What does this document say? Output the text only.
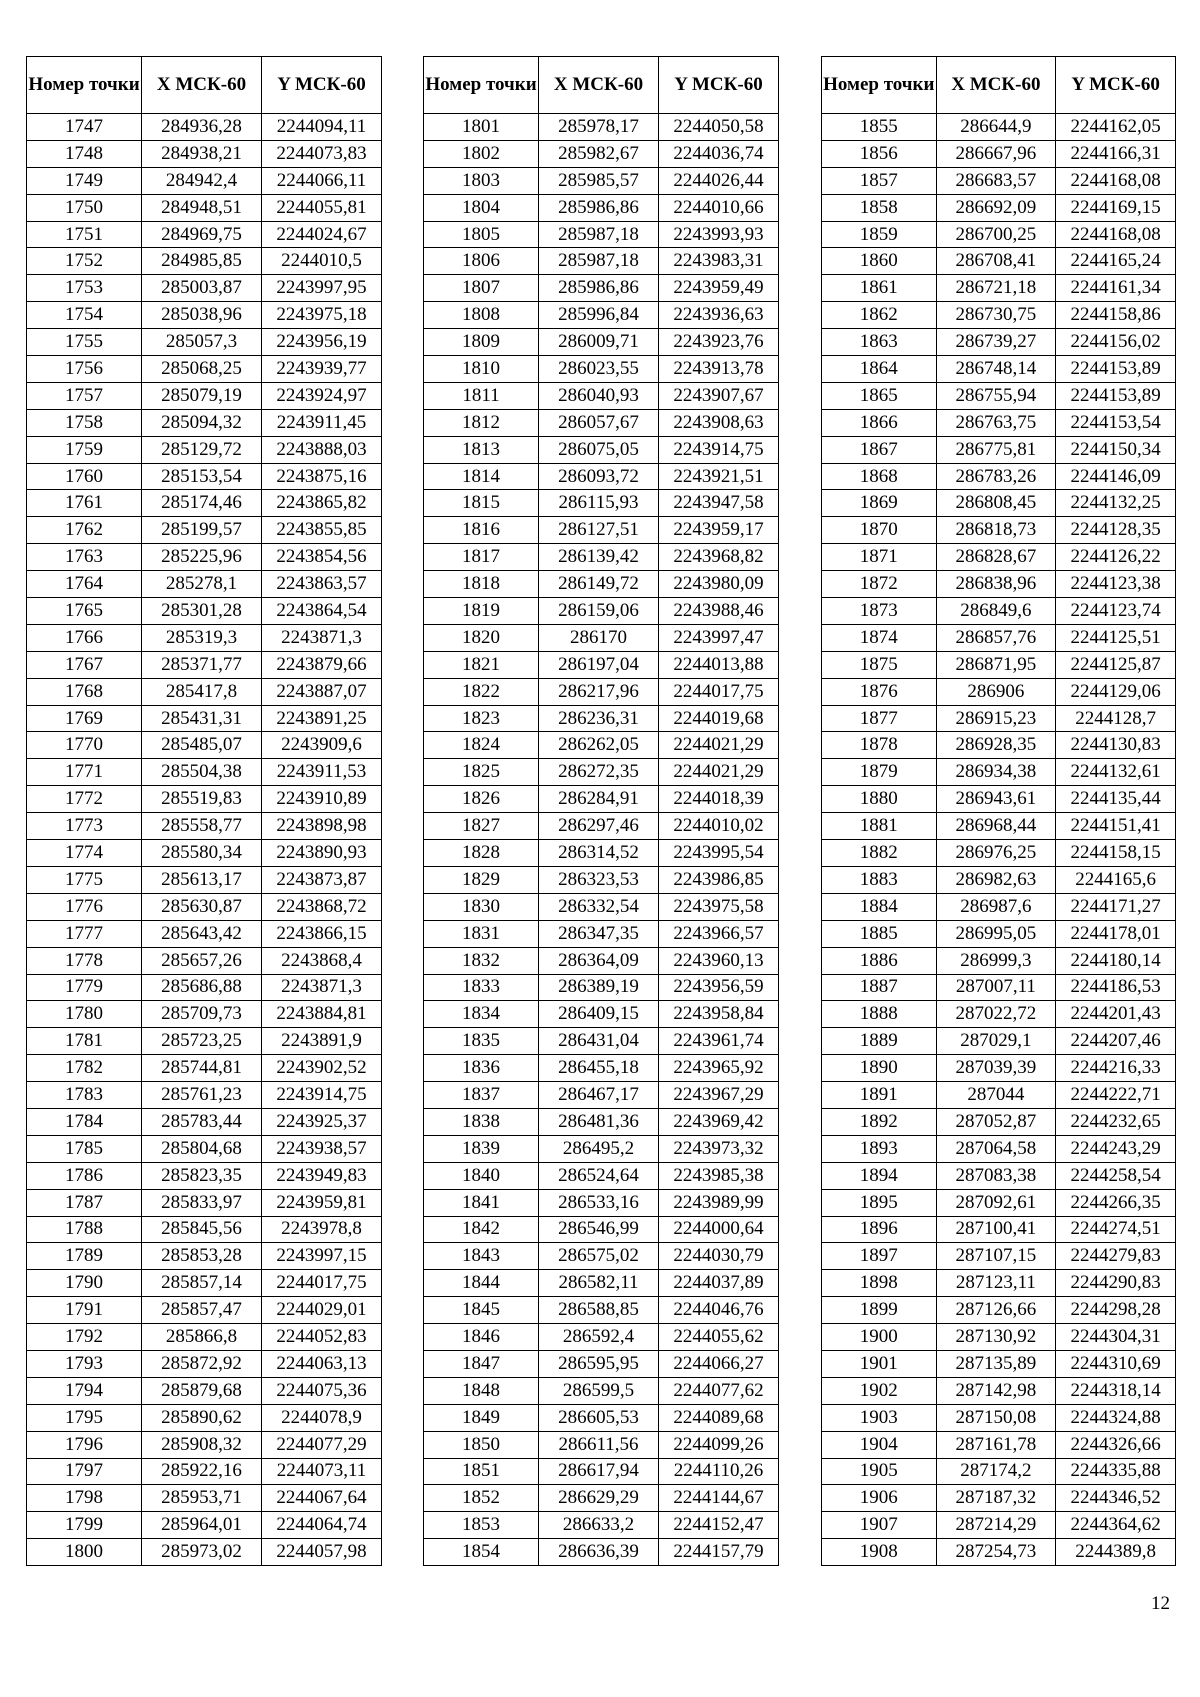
Номер точки	X МСК-60	Y МСК-60
1747	284936,28	2244094,11
1748	284938,21	2244073,83
1749	284942,4	2244066,11
1750	284948,51	2244055,81
1751	284969,75	2244024,67
1752	284985,85	2244010,5
1753	285003,87	2243997,95
1754	285038,96	2243975,18
1755	285057,3	2243956,19
1756	285068,25	2243939,77
1757	285079,19	2243924,97
1758	285094,32	2243911,45
1759	285129,72	2243888,03
1760	285153,54	2243875,16
1761	285174,46	2243865,82
1762	285199,57	2243855,85
1763	285225,96	2243854,56
1764	285278,1	2243863,57
1765	285301,28	2243864,54
1766	285319,3	2243871,3
1767	285371,77	2243879,66
1768	285417,8	2243887,07
1769	285431,31	2243891,25
1770	285485,07	2243909,6
1771	285504,38	2243911,53
1772	285519,83	2243910,89
1773	285558,77	2243898,98
1774	285580,34	2243890,93
1775	285613,17	2243873,87
1776	285630,87	2243868,72
1777	285643,42	2243866,15
1778	285657,26	2243868,4
1779	285686,88	2243871,3
1780	285709,73	2243884,81
1781	285723,25	2243891,9
1782	285744,81	2243902,52
1783	285761,23	2243914,75
1784	285783,44	2243925,37
1785	285804,68	2243938,57
1786	285823,35	2243949,83
1787	285833,97	2243959,81
1788	285845,56	2243978,8
1789	285853,28	2243997,15
1790	285857,14	2244017,75
1791	285857,47	2244029,01
1792	285866,8	2244052,83
1793	285872,92	2244063,13
1794	285879,68	2244075,36
1795	285890,62	2244078,9
1796	285908,32	2244077,29
1797	285922,16	2244073,11
1798	285953,71	2244067,64
1799	285964,01	2244064,74
1800	285973,02	2244057,98
Номер точки	X МСК-60	Y МСК-60
1801	285978,17	2244050,58
1802	285982,67	2244036,74
1803	285985,57	2244026,44
1804	285986,86	2244010,66
1805	285987,18	2243993,93
1806	285987,18	2243983,31
1807	285986,86	2243959,49
1808	285996,84	2243936,63
1809	286009,71	2243923,76
1810	286023,55	2243913,78
1811	286040,93	2243907,67
1812	286057,67	2243908,63
1813	286075,05	2243914,75
1814	286093,72	2243921,51
1815	286115,93	2243947,58
1816	286127,51	2243959,17
1817	286139,42	2243968,82
1818	286149,72	2243980,09
1819	286159,06	2243988,46
1820	286170	2243997,47
1821	286197,04	2244013,88
1822	286217,96	2244017,75
1823	286236,31	2244019,68
1824	286262,05	2244021,29
1825	286272,35	2244021,29
1826	286284,91	2244018,39
1827	286297,46	2244010,02
1828	286314,52	2243995,54
1829	286323,53	2243986,85
1830	286332,54	2243975,58
1831	286347,35	2243966,57
1832	286364,09	2243960,13
1833	286389,19	2243956,59
1834	286409,15	2243958,84
1835	286431,04	2243961,74
1836	286455,18	2243965,92
1837	286467,17	2243967,29
1838	286481,36	2243969,42
1839	286495,2	2243973,32
1840	286524,64	2243985,38
1841	286533,16	2243989,99
1842	286546,99	2244000,64
1843	286575,02	2244030,79
1844	286582,11	2244037,89
1845	286588,85	2244046,76
1846	286592,4	2244055,62
1847	286595,95	2244066,27
1848	286599,5	2244077,62
1849	286605,53	2244089,68
1850	286611,56	2244099,26
1851	286617,94	2244110,26
1852	286629,29	2244144,67
1853	286633,2	2244152,47
1854	286636,39	2244157,79
Номер точки	X МСК-60	Y МСК-60
1855	286644,9	2244162,05
1856	286667,96	2244166,31
1857	286683,57	2244168,08
1858	286692,09	2244169,15
1859	286700,25	2244168,08
1860	286708,41	2244165,24
1861	286721,18	2244161,34
1862	286730,75	2244158,86
1863	286739,27	2244156,02
1864	286748,14	2244153,89
1865	286755,94	2244153,89
1866	286763,75	2244153,54
1867	286775,81	2244150,34
1868	286783,26	2244146,09
1869	286808,45	2244132,25
1870	286818,73	2244128,35
1871	286828,67	2244126,22
1872	286838,96	2244123,38
1873	286849,6	2244123,74
1874	286857,76	2244125,51
1875	286871,95	2244125,87
1876	286906	2244129,06
1877	286915,23	2244128,7
1878	286928,35	2244130,83
1879	286934,38	2244132,61
1880	286943,61	2244135,44
1881	286968,44	2244151,41
1882	286976,25	2244158,15
1883	286982,63	2244165,6
1884	286987,6	2244171,27
1885	286995,05	2244178,01
1886	286999,3	2244180,14
1887	287007,11	2244186,53
1888	287022,72	2244201,43
1889	287029,1	2244207,46
1890	287039,39	2244216,33
1891	287044	2244222,71
1892	287052,87	2244232,65
1893	287064,58	2244243,29
1894	287083,38	2244258,54
1895	287092,61	2244266,35
1896	287100,41	2244274,51
1897	287107,15	2244279,83
1898	287123,11	2244290,83
1899	287126,66	2244298,28
1900	287130,92	2244304,31
1901	287135,89	2244310,69
1902	287142,98	2244318,14
1903	287150,08	2244324,88
1904	287161,78	2244326,66
1905	287174,2	2244335,88
1906	287187,32	2244346,52
1907	287214,29	2244364,62
1908	287254,73	2244389,8
12
